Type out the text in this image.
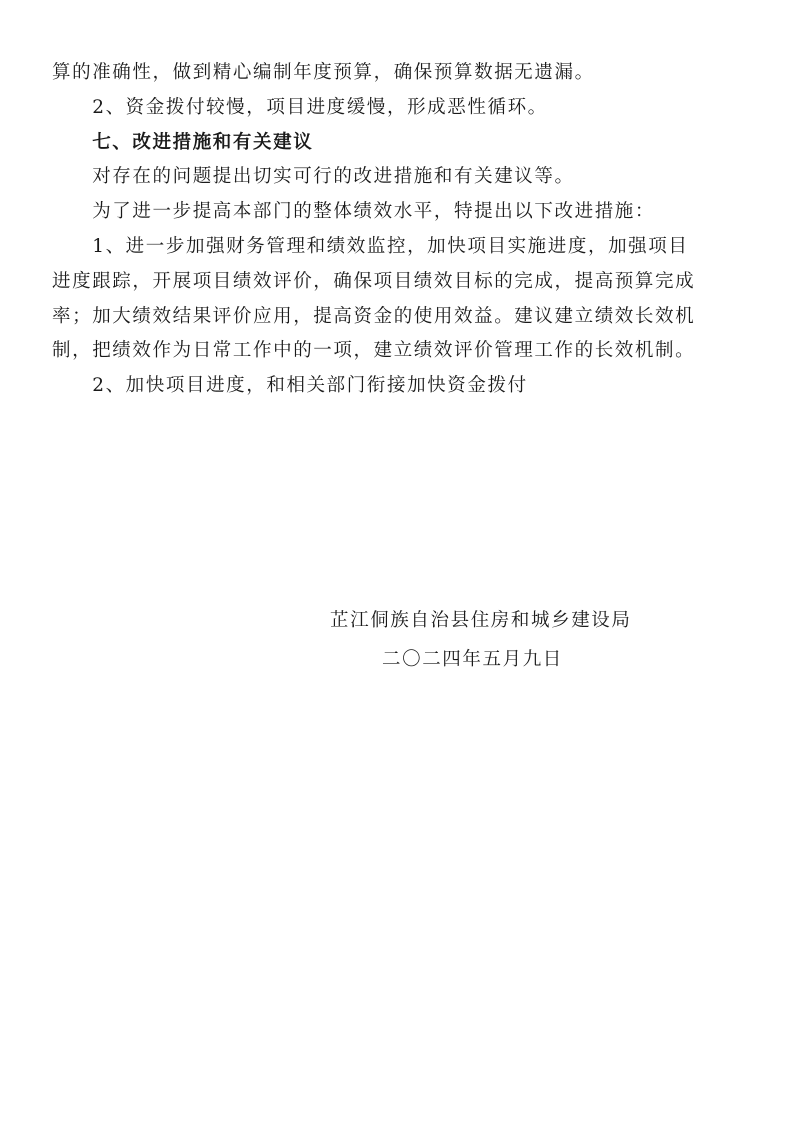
算的准确性，做到精心编制年度预算，确保预算数据无遗漏。
　　2、资金拨付较慢，项目进度缓慢，形成恶性循环。
　　七、改进措施和有关建议
　　对存在的问题提出切实可行的改进措施和有关建议等。
　　为了进一步提高本部门的整体绩效水平，特提出以下改进措施：
　　1、进一步加强财务管理和绩效监控，加快项目实施进度，加强项目
进度跟踪，开展项目绩效评价，确保项目绩效目标的完成，提高预算完成
率；加大绩效结果评价应用，提高资金的使用效益。建议建立绩效长效机
制，把绩效作为日常工作中的一项，建立绩效评价管理工作的长效机制。
　　2、加快项目进度，和相关部门衔接加快资金拨付
芷江侗族自治县住房和城乡建设局
二〇二四年五月九日
